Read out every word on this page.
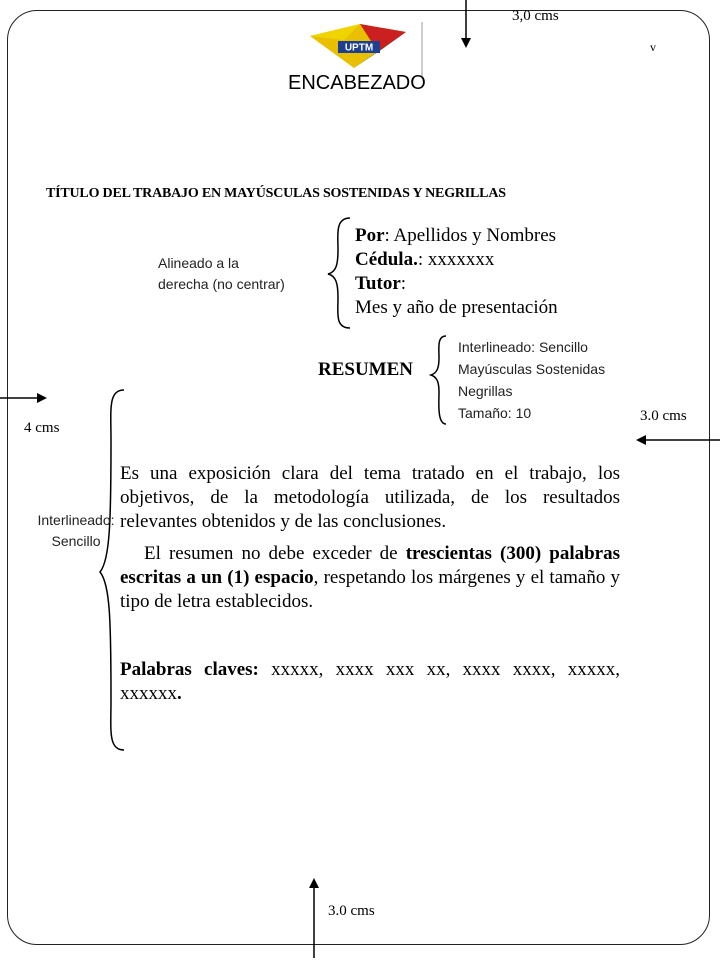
3,0 cms
v
3.0 cms
4 cms
3.0 cms
UPTM
ENCABEZADO
TÍTULO DEL TRABAJO EN MAYÚSCULAS SOSTENIDAS Y NEGRILLAS
Alineado a la
derecha (no centrar)
Por: Apellidos y Nombres
Cédula.: xxxxxxx
Tutor:
Mes y año de presentación
RESUMEN
Interlineado: Sencillo
Mayúsculas Sostenidas
Negrillas
Tamaño: 10
Interlineado:
Sencillo

Es una exposición clara del tema tratado en el trabajo, los objetivos, de la metodología utilizada, de los resultados relevantes obtenidos y de las conclusiones.

El resumen no debe exceder de trescientas (300) palabras escritas a un (1) espacio, respetando los márgenes y el tamaño y tipo de letra establecidos.

Palabras claves: xxxxx, xxxx xxx xx, xxxx xxxx, xxxxx, xxxxxx.
